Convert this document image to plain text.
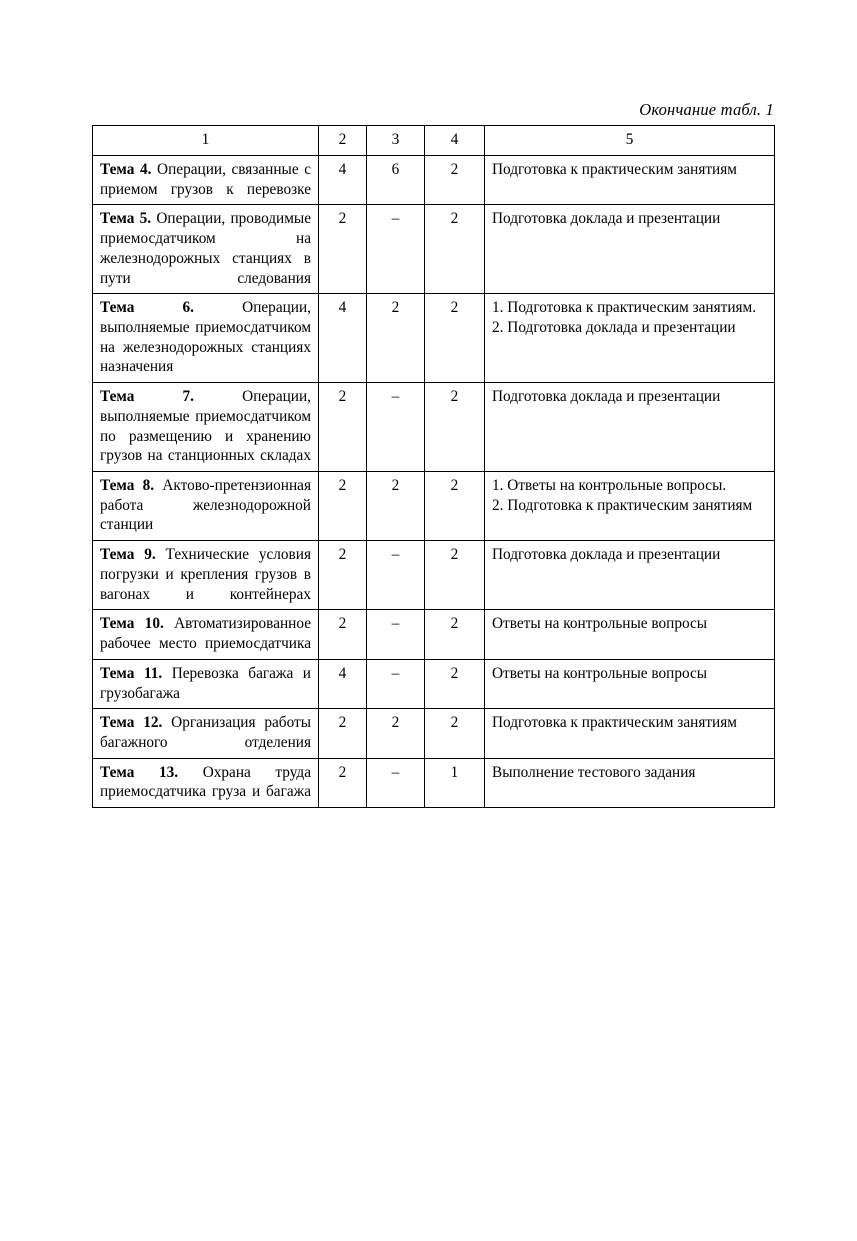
Окончание табл. 1
1	2	3	4	5
Тема 4. Операции, связанные с приемом грузов к перевозке	4	6	2	Подготовка к практическим занятиям

Тема 5. Операции, проводимые приемосдатчиком на железнодорожных станциях в пути следования	2	–	2	Подготовка доклада и презентации

Тема 6. Операции, выполняемые приемосдатчиком на железнодорожных станциях назначения	4	2	2	1. Подготовка к практическим занятиям.
2. Подготовка доклада и презентации

Тема 7. Операции, выполняемые приемосдатчиком по размещению и хранению грузов на станционных складах	2	–	2	Подготовка доклада и презентации

Тема 8. Актово-претензионная работа железнодорожной станции	2	2	2	1. Ответы на контрольные вопросы.
2. Подготовка к практическим занятиям

Тема 9. Технические условия погрузки и крепления грузов в вагонах и контейнерах	2	–	2	Подготовка доклада и презентации

Тема 10. Автоматизированное рабочее место приемосдатчика	2	–	2	Ответы на контрольные вопросы

Тема 11. Перевозка багажа и грузобагажа	4	–	2	Ответы на контрольные вопросы

Тема 12. Организация работы багажного отделения	2	2	2	Подготовка к практическим занятиям

Тема 13. Охрана труда приемосдатчика груза и багажа	2	–	1	Выполнение тестового задания
